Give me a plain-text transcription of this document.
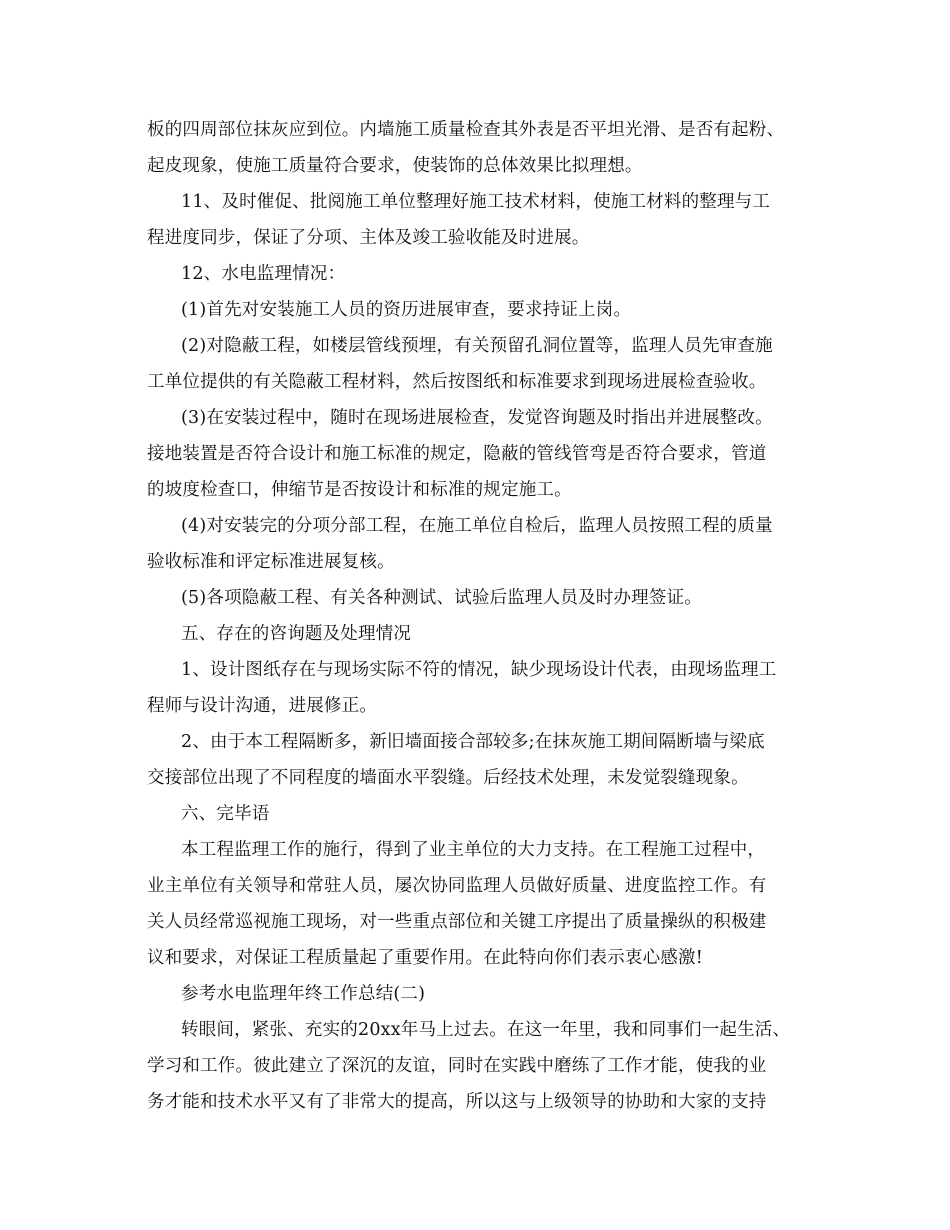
板的四周部位抹灰应到位。内墙施工质量检查其外表是否平坦光滑、是否有起粉、
起皮现象，使施工质量符合要求，使装饰的总体效果比拟理想。
11、及时催促、批阅施工单位整理好施工技术材料，使施工材料的整理与工
程进度同步，保证了分项、主体及竣工验收能及时进展。
12、水电监理情况：
(1)首先对安装施工人员的资历进展审查，要求持证上岗。
(2)对隐蔽工程，如楼层管线预埋，有关预留孔洞位置等，监理人员先审查施
工单位提供的有关隐蔽工程材料，然后按图纸和标准要求到现场进展检查验收。
(3)在安装过程中，随时在现场进展检查，发觉咨询题及时指出并进展整改。
接地装置是否符合设计和施工标准的规定，隐蔽的管线管弯是否符合要求，管道
的坡度检查口，伸缩节是否按设计和标准的规定施工。
(4)对安装完的分项分部工程，在施工单位自检后，监理人员按照工程的质量
验收标准和评定标准进展复核。
(5)各项隐蔽工程、有关各种测试、试验后监理人员及时办理签证。
五、存在的咨询题及处理情况
1、设计图纸存在与现场实际不符的情况，缺少现场设计代表，由现场监理工
程师与设计沟通，进展修正。
2、由于本工程隔断多，新旧墙面接合部较多;在抹灰施工期间隔断墙与梁底
交接部位出现了不同程度的墙面水平裂缝。后经技术处理，未发觉裂缝现象。
六、完毕语
本工程监理工作的施行，得到了业主单位的大力支持。在工程施工过程中，
业主单位有关领导和常驻人员，屡次协同监理人员做好质量、进度监控工作。有
关人员经常巡视施工现场，对一些重点部位和关键工序提出了质量操纵的积极建
议和要求，对保证工程质量起了重要作用。在此特向你们表示衷心感激!
参考水电监理年终工作总结(二)
转眼间，紧张、充实的20xx年马上过去。在这一年里，我和同事们一起生活、
学习和工作。彼此建立了深沉的友谊，同时在实践中磨练了工作才能，使我的业
务才能和技术水平又有了非常大的提高，所以这与上级领导的协助和大家的支持
